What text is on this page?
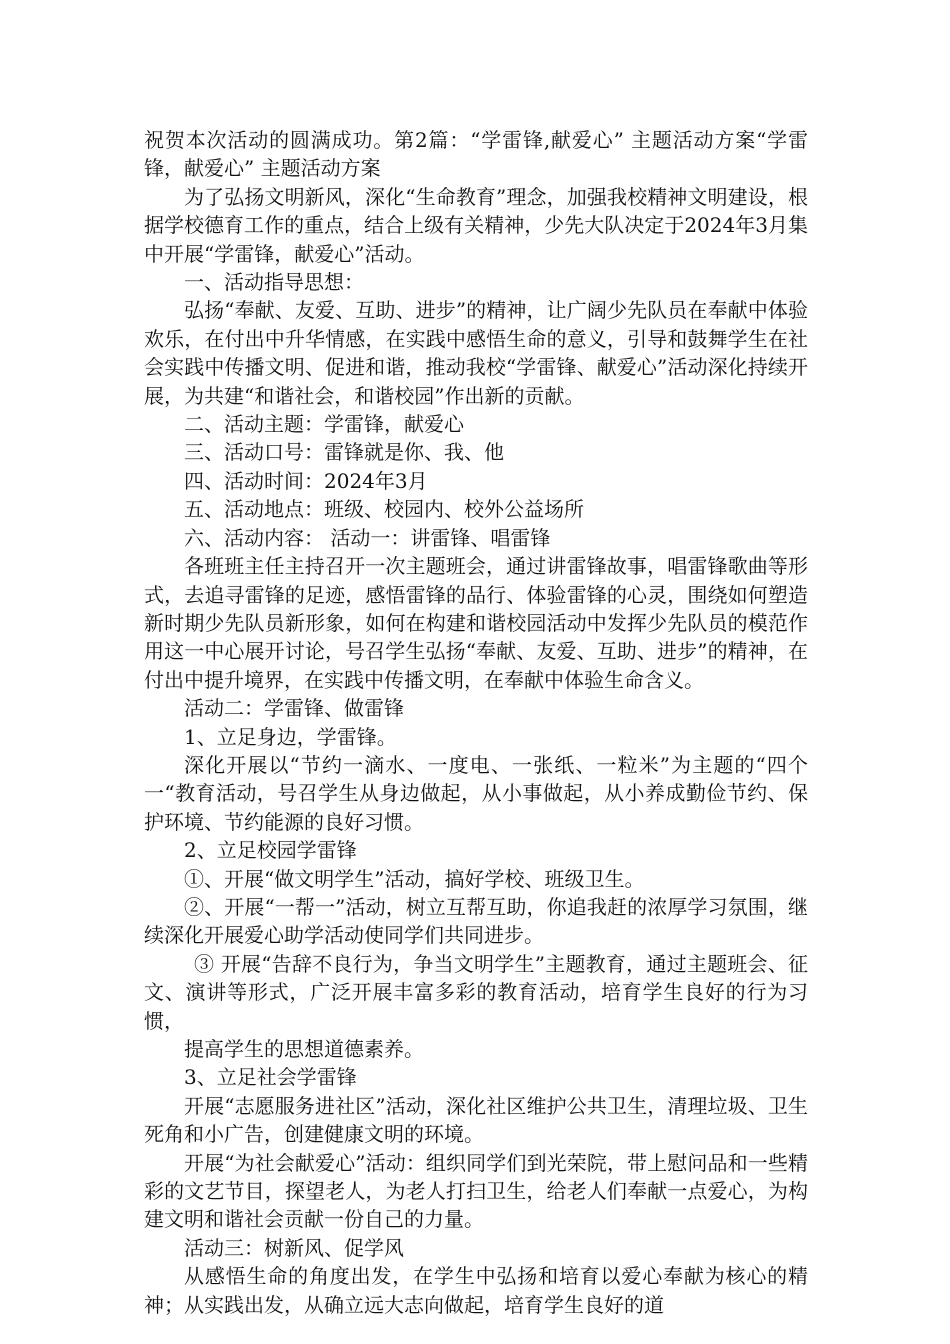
祝贺本次活动的圆满成功。第2篇：“学雷锋,献爱心” 主题活动方案“学雷锋，献爱心” 主题活动方案

为了弘扬文明新风，深化“生命教育”理念，加强我校精神文明建设，根据学校德育工作的重点，结合上级有关精神，少先大队决定于2024年3月集中开展“学雷锋，献爱心”活动。

一、活动指导思想：

弘扬“奉献、友爱、互助、进步”的精神，让广阔少先队员在奉献中体验欢乐，在付出中升华情感，在实践中感悟生命的意义，引导和鼓舞学生在社会实践中传播文明、促进和谐，推动我校“学雷锋、献爱心”活动深化持续开展，为共建“和谐社会，和谐校园”作出新的贡献。

二、活动主题：学雷锋，献爱心

三、活动口号：雷锋就是你、我、他

四、活动时间：2024年3月

五、活动地点：班级、校园内、校外公益场所

六、活动内容： 活动一：讲雷锋、唱雷锋

各班班主任主持召开一次主题班会，通过讲雷锋故事，唱雷锋歌曲等形式，去追寻雷锋的足迹，感悟雷锋的品行、体验雷锋的心灵，围绕如何塑造新时期少先队员新形象，如何在构建和谐校园活动中发挥少先队员的模范作用这一中心展开讨论，号召学生弘扬“奉献、友爱、互助、进步”的精神，在付出中提升境界，在实践中传播文明，在奉献中体验生命含义。

活动二：学雷锋、做雷锋

1、立足身边，学雷锋。

深化开展以“节约一滴水、一度电、一张纸、一粒米”为主题的“四个一“教育活动，号召学生从身边做起，从小事做起，从小养成勤俭节约、保护环境、节约能源的良好习惯。

2、立足校园学雷锋

①、开展“做文明学生”活动，搞好学校、班级卫生。

②、开展“一帮一”活动，树立互帮互助，你追我赶的浓厚学习氛围，继续深化开展爱心助学活动使同学们共同进步。

③ 开展“告辞不良行为，争当文明学生”主题教育，通过主题班会、征文、演讲等形式，广泛开展丰富多彩的教育活动，培育学生良好的行为习惯，

提高学生的思想道德素养。

3、立足社会学雷锋

开展“志愿服务进社区”活动，深化社区维护公共卫生，清理垃圾、卫生死角和小广告，创建健康文明的环境。

开展“为社会献爱心”活动：组织同学们到光荣院，带上慰问品和一些精彩的文艺节目，探望老人，为老人打扫卫生，给老人们奉献一点爱心，为构建文明和谐社会贡献一份自己的力量。

活动三：树新风、促学风

从感悟生命的角度出发，在学生中弘扬和培育以爱心奉献为核心的精神；从实践出发，从确立远大志向做起，培育学生良好的道
